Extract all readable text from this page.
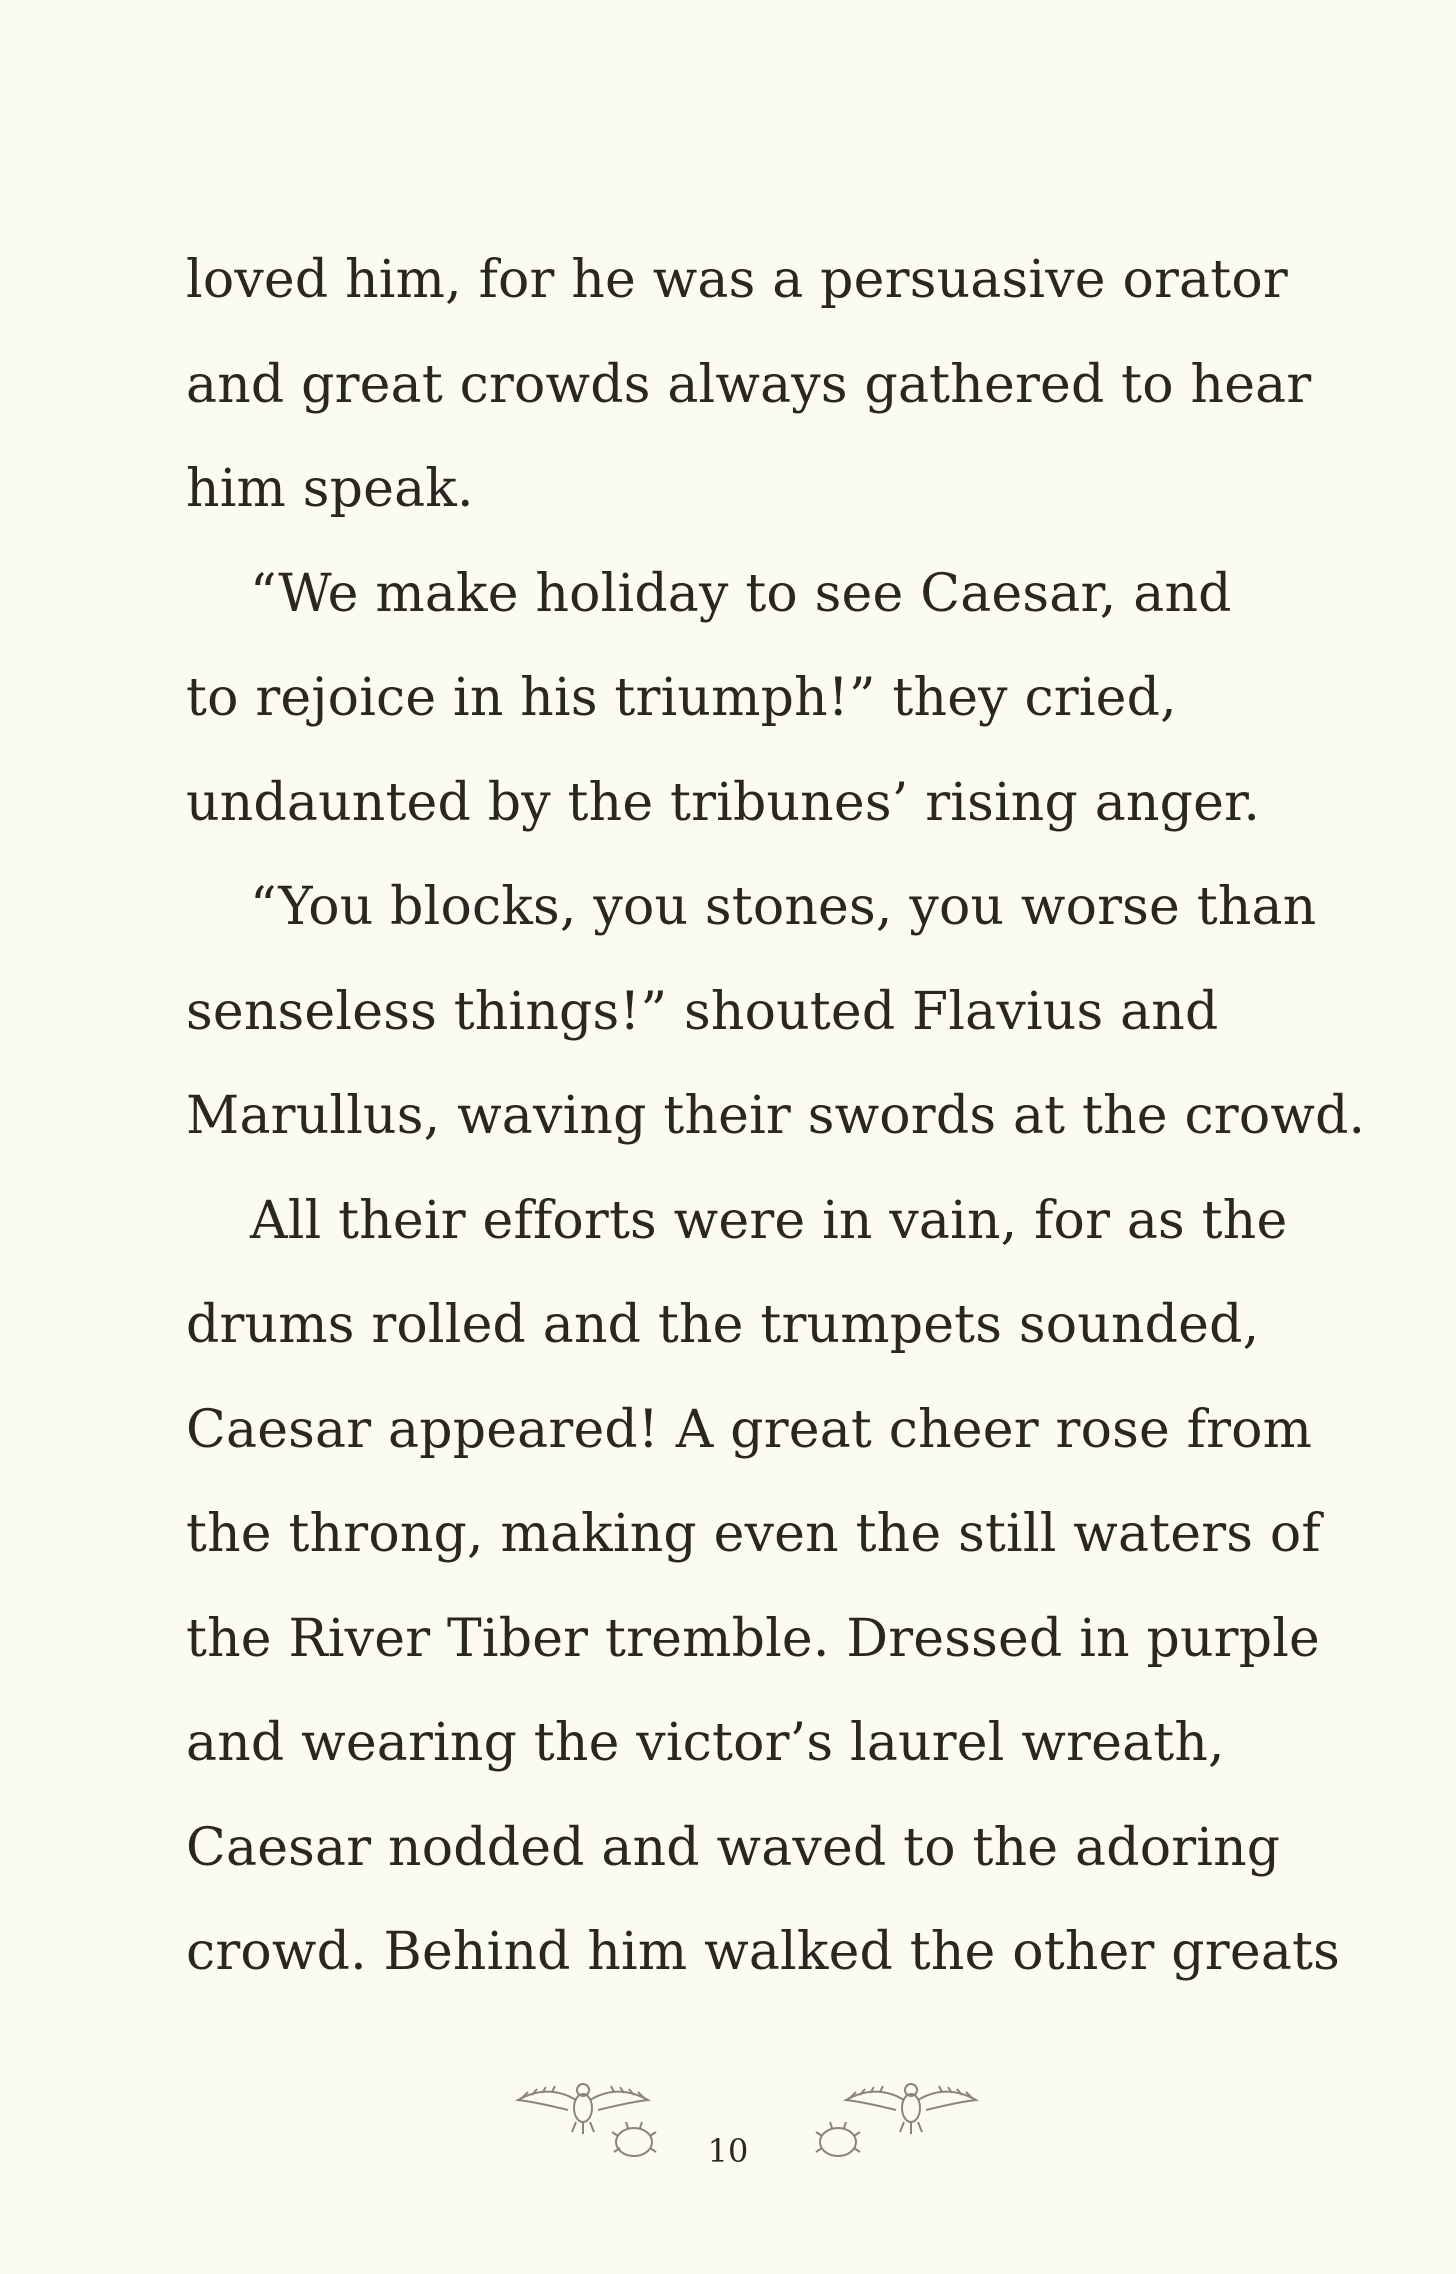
loved him, for he was a persuasive orator
and great crowds always gathered to hear
him speak.
“We make holiday to see Caesar, and
to rejoice in his triumph!” they cried,
undaunted by the tribunes’ rising anger.
“You blocks, you stones, you worse than
senseless things!” shouted Flavius and
Marullus, waving their swords at the crowd.
All their efforts were in vain, for as the
drums rolled and the trumpets sounded,
Caesar appeared! A great cheer rose from
the throng, making even the still waters of
the River Tiber tremble. Dressed in purple
and wearing the victor’s laurel wreath,
Caesar nodded and waved to the adoring
crowd. Behind him walked the other greats
10
